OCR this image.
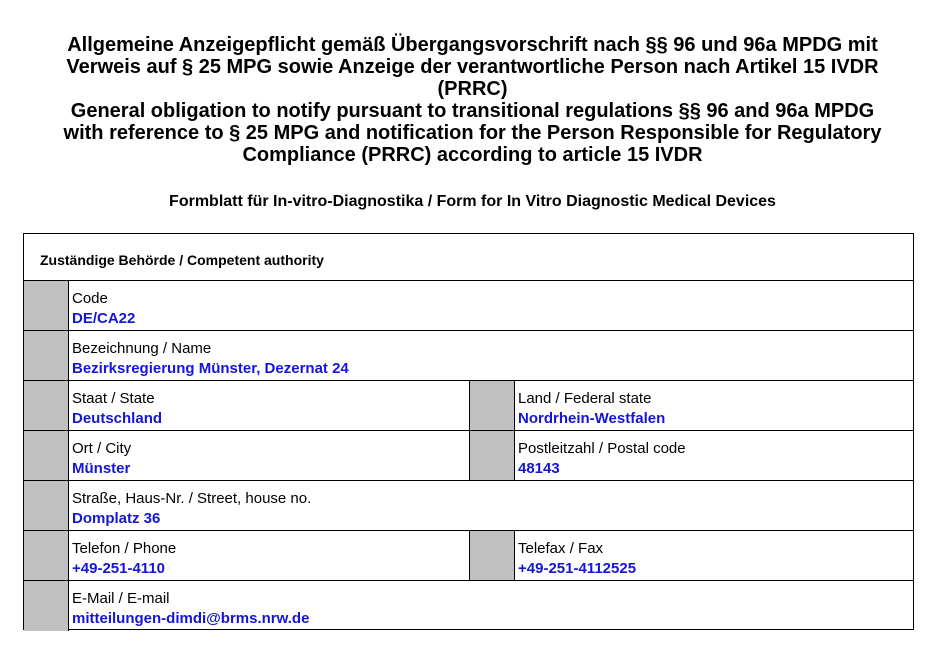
Allgemeine Anzeigepflicht gemäß Übergangsvorschrift nach §§ 96 und 96a MPDG mit
Verweis auf § 25 MPG sowie Anzeige der verantwortliche Person nach Artikel 15 IVDR
(PRRC)
General obligation to notify pursuant to transitional regulations §§ 96 and 96a MPDG
with reference to § 25 MPG and notification for the Person Responsible for Regulatory
Compliance (PRRC) according to article 15 IVDR
Formblatt für In-vitro-Diagnostika / Form for In Vitro Diagnostic Medical Devices
Zuständige Behörde / Competent authority
Code
DE/CA22
Bezeichnung / Name
Bezirksregierung Münster, Dezernat 24
Staat / State
Deutschland
Land / Federal state
Nordrhein-Westfalen
Ort / City
Münster
Postleitzahl / Postal code
48143
Straße, Haus-Nr. / Street, house no.
Domplatz 36
Telefon / Phone
+49-251-4110
Telefax / Fax
+49-251-4112525
E-Mail / E-mail
mitteilungen-dimdi@brms.nrw.de
